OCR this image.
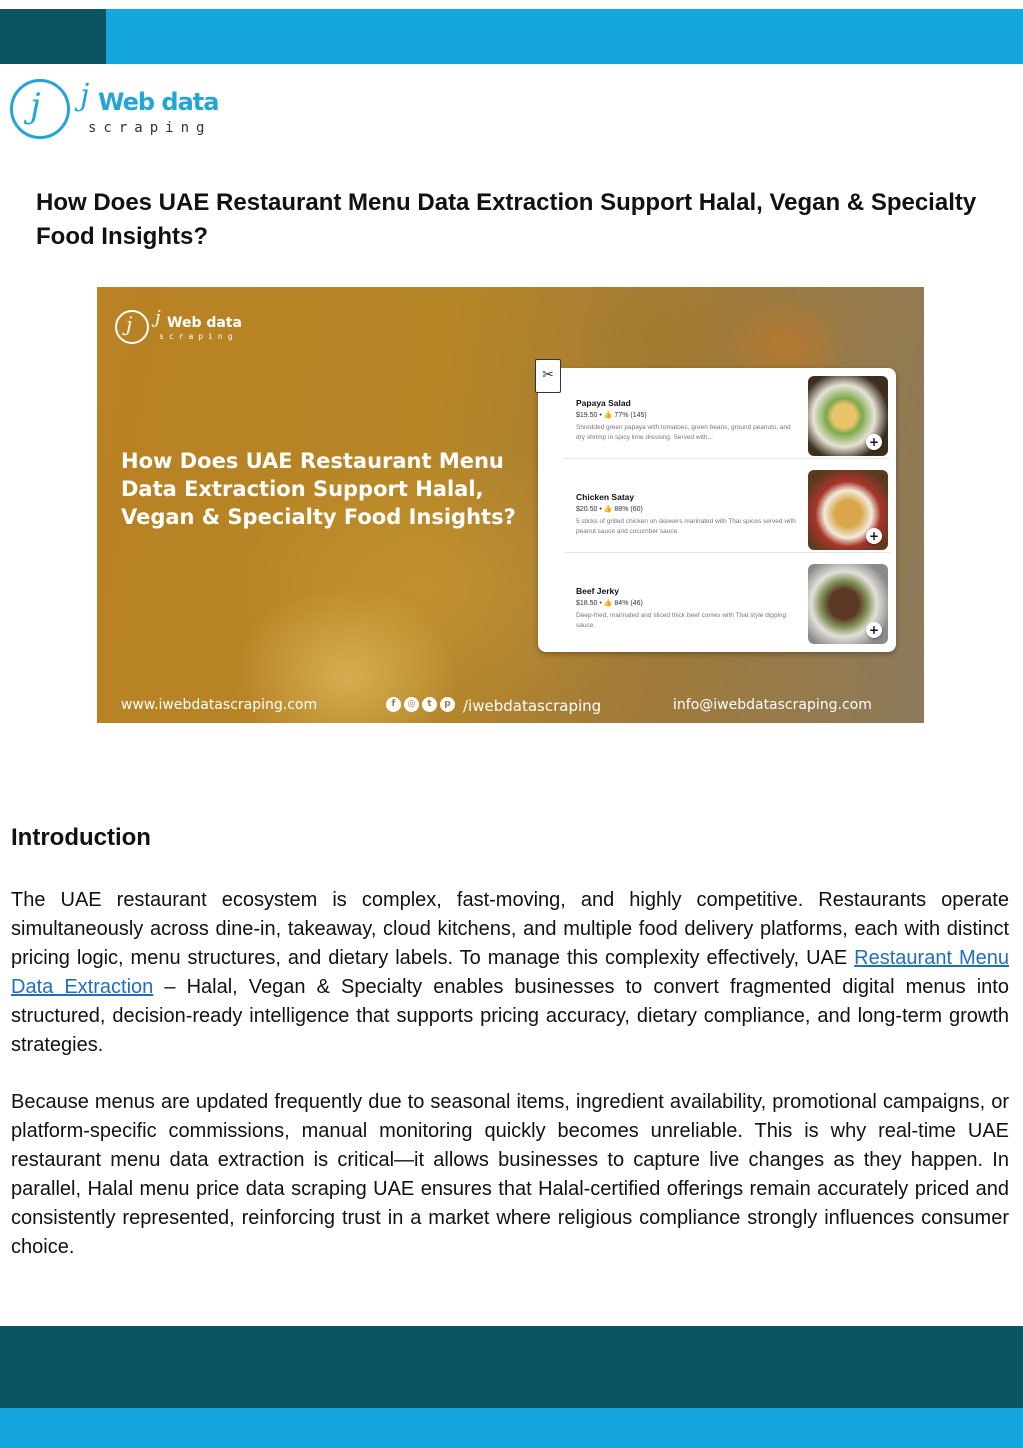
j j Web data
scraping
How Does UAE Restaurant Menu Data Extraction Support Halal, Vegan & Specialty Food Insights?
j j Web data
scraping
How Does UAE Restaurant Menu Data Extraction Support Halal, Vegan & Specialty Food Insights?
✂
Papaya Salad
$19.50 • 👍 77% (145)
Shredded green papaya with tomatoes, green beans, ground peanuts, and dry shrimp in spicy lime dressing. Served with...	+
Chicken Satay
$20.50 • 👍 88% (60)
5 sticks of grilled chicken on skewers marinated with Thai spices served with peanut sauce and cucumber sauce.	+
Beef Jerky
$18.50 • 👍 84% (46)
Deep-fried, marinated and sliced thick beef comes with Thai style dipping sauce.	+
www.iwebdatascraping.com	f	◎	t	p /iwebdatascraping	info@iwebdatascraping.com
Introduction

The UAE restaurant ecosystem is complex, fast-moving, and highly competitive. Restaurants operate simultaneously across dine-in, takeaway, cloud kitchens, and multiple food delivery platforms, each with distinct pricing logic, menu structures, and dietary labels. To manage this complexity effectively, UAE Restaurant Menu Data Extraction – Halal, Vegan & Specialty enables businesses to convert fragmented digital menus into structured, decision-ready intelligence that supports pricing accuracy, dietary compliance, and long-term growth strategies.

Because menus are updated frequently due to seasonal items, ingredient availability, promotional campaigns, or platform-specific commissions, manual monitoring quickly becomes unreliable. This is why real-time UAE restaurant menu data extraction is critical—it allows businesses to capture live changes as they happen. In parallel, Halal menu price data scraping UAE ensures that Halal-certified offerings remain accurately priced and consistently represented, reinforcing trust in a market where religious compliance strongly influences consumer choice.
